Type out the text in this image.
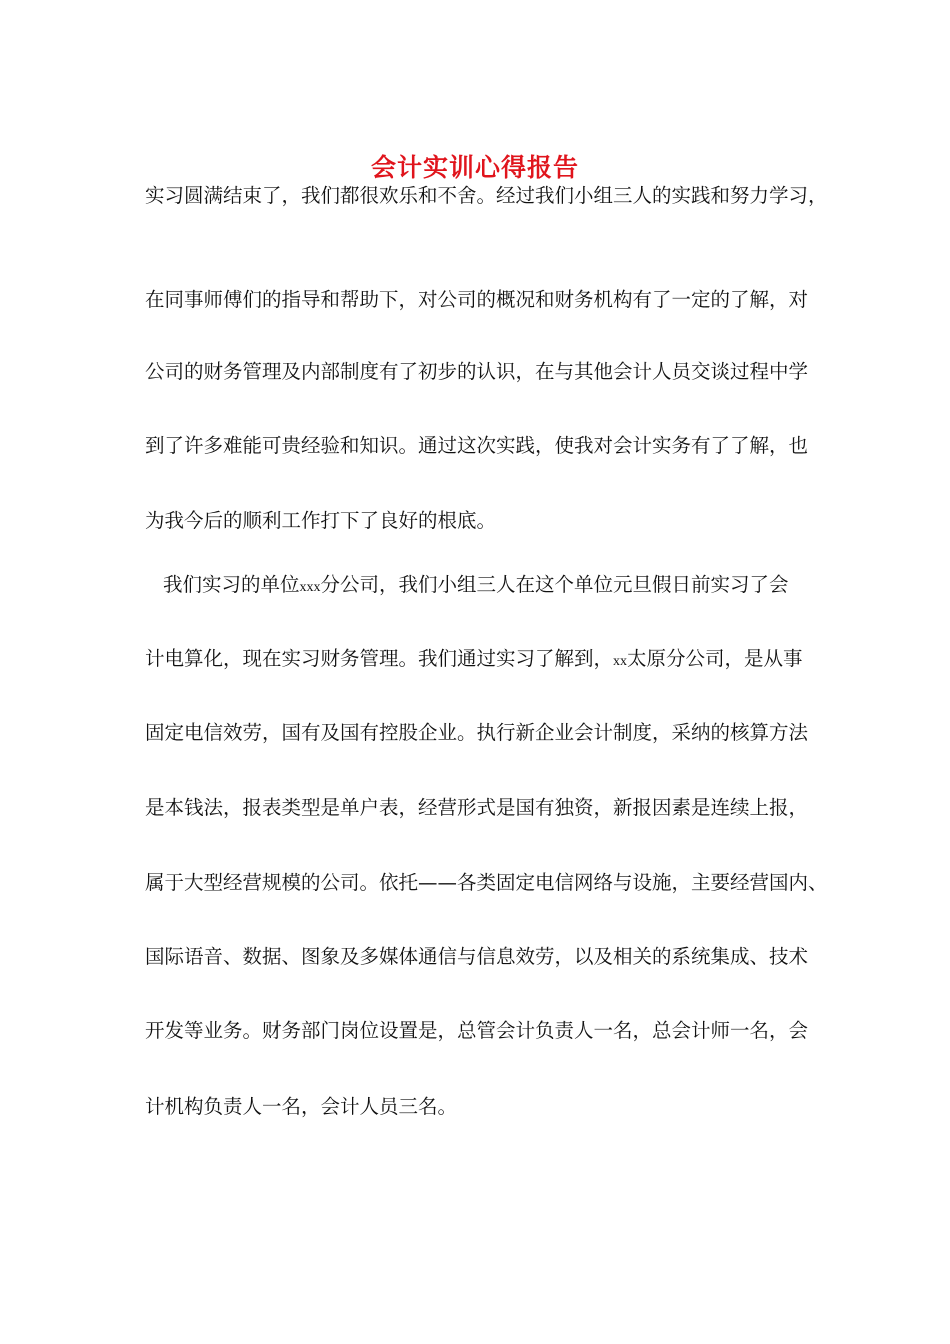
会计实训心得报告
实习圆满结束了，我们都很欢乐和不舍。经过我们小组三人的实践和努力学习，
在同事师傅们的指导和帮助下，对公司的概况和财务机构有了一定的了解，对
公司的财务管理及内部制度有了初步的认识，在与其他会计人员交谈过程中学
到了许多难能可贵经验和知识。通过这次实践，使我对会计实务有了了解，也
为我今后的顺利工作打下了良好的根底。
我们实习的单位xxx分公司，我们小组三人在这个单位元旦假日前实习了会
计电算化，现在实习财务管理。我们通过实习了解到，xx太原分公司，是从事
固定电信效劳，国有及国有控股企业。执行新企业会计制度，采纳的核算方法
是本钱法，报表类型是单户表，经营形式是国有独资，新报因素是连续上报，
属于大型经营规模的公司。依托——各类固定电信网络与设施，主要经营国内、
国际语音、数据、图象及多媒体通信与信息效劳，以及相关的系统集成、技术
开发等业务。财务部门岗位设置是，总管会计负责人一名，总会计师一名，会
计机构负责人一名，会计人员三名。
